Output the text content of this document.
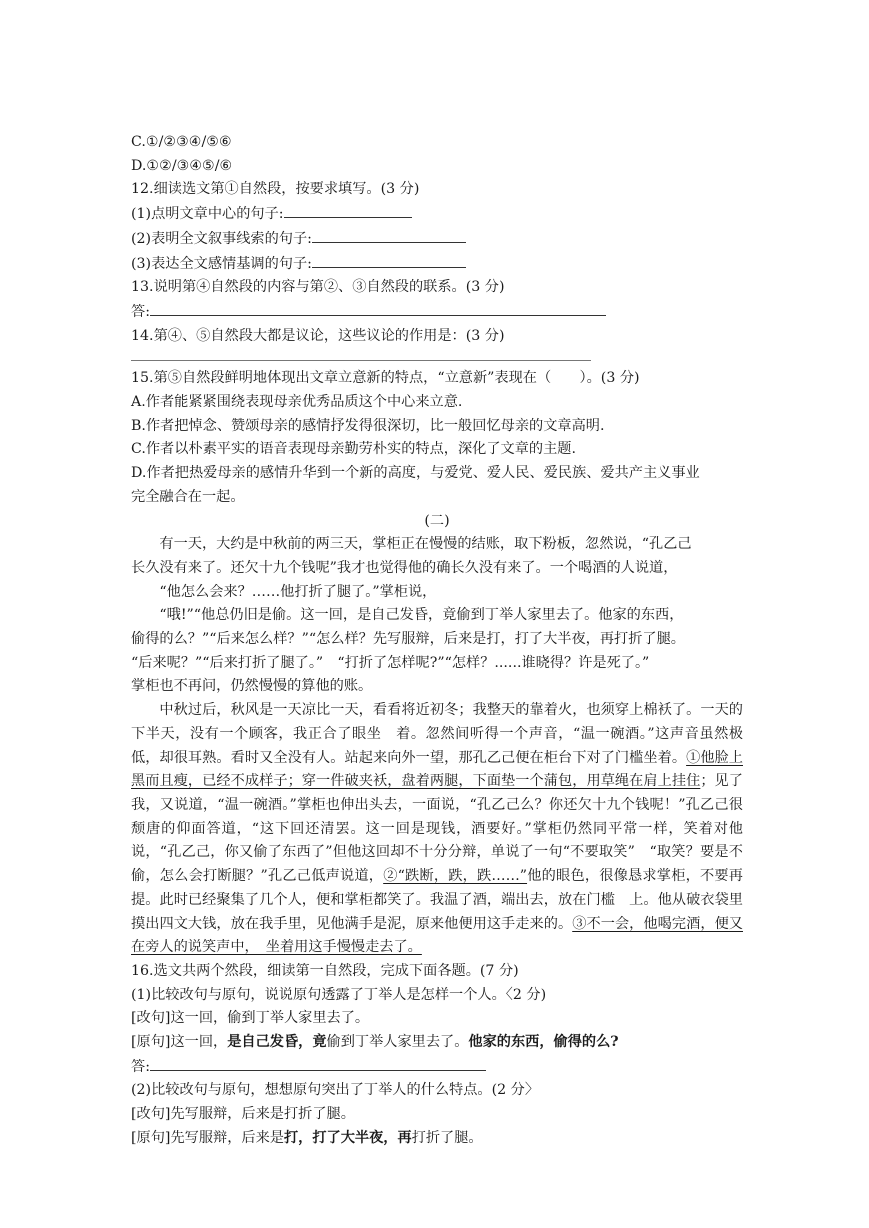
C.①/②③④/⑤⑥
D.①②/③④⑤/⑥
12.细读选文第①自然段，按要求填写。(3 分)
(1)点明文章中心的句子:
(2)表明全文叙事线索的句子:
(3)表达全文感情基调的句子:
13.说明第④自然段的内容与第②、③自然段的联系。(3 分)
答:
14.第④、⑤自然段大都是议论，这些议论的作用是：(3 分)
15.第⑤自然段鲜明地体现出文章立意新的特点，“立意新”表现在（　　）。(3 分)
A.作者能紧紧围绕表现母亲优秀品质这个中心来立意.
B.作者把悼念、赞颂母亲的感情抒发得很深切，比一般回忆母亲的文章高明.
C.作者以朴素平实的语音表现母亲勤劳朴实的特点，深化了文章的主题.
D.作者把热爱母亲的感情升华到一个新的高度，与爱党、爱人民、爱民族、爱共产主义事业
完全融合在一起。
(二)
有一天，大约是中秋前的两三天，掌柜正在慢慢的结账，取下粉板，忽然说，“孔乙己
长久没有来了。还欠十九个钱呢”我才也觉得他的确长久没有来了。一个喝酒的人说道，
“他怎么会来？……他打折了腿了。”掌柜说，
“哦!”“他总仍旧是偷。这一回，是自己发昏，竟偷到丁举人家里去了。他家的东西，
偷得的么？”“后来怎么样？”“怎么样？先写服辩，后来是打，打了大半夜，再打折了腿。
“后来呢？”“后来打折了腿了。”　“打折了怎样呢?”“怎样？......谁晓得？许是死了。”
掌柜也不再问，仍然慢慢的算他的账。

中秋过后，秋风是一天凉比一天，看看将近初冬；我整天的靠着火，也须穿上棉袄了。一天的下半天，没有一个顾客，我正合了眼坐　着。忽然间听得一个声音，“温一碗酒。”这声音虽然极低，却很耳熟。看时又全没有人。站起来向外一望，那孔乙己便在柜台下对了门槛坐着。①他脸上黑而且瘦，已经不成样子；穿一件破夹袄，盘着两腿，下面垫一个蒲包，用草绳在肩上挂住；见了我，又说道，“温一碗酒。”掌柜也伸出头去，一面说，“孔乙己么？你还欠十九个钱呢！”孔乙己很颓唐的仰面答道，“这下回还清罢。这一回是现钱，酒要好。”掌柜仍然同平常一样，笑着对他说，“孔乙己，你又偷了东西了”但他这回却不十分分辩，单说了一句“不要取笑”　“取笑？要是不偷，怎么会打断腿？”孔乙己低声说道，②“跌断，跌，跌……”他的眼色，很像恳求掌柜，不要再提。此时已经聚集了几个人，便和掌柜都笑了。我温了酒，端出去，放在门槛　上。他从破衣袋里摸出四文大钱，放在我手里，见他满手是泥，原来他便用这手走来的。③不一会，他喝完酒，便又在旁人的说笑声中，　坐着用这手慢慢走去了。

16.选文共两个然段，细读第一自然段，完成下面各题。(7 分)
(1)比较改句与原句，说说原句透露了丁举人是怎样一个人。〈2 分)
[改句]这一回，偷到丁举人家里去了。
[原句]这一回，是自己发昏，竟偷到丁举人家里去了。他家的东西，偷得的么?
答:
(2)比较改句与原句，想想原句突出了丁举人的什么特点。(2 分〉
[改句]先写服辩，后来是打折了腿。
[原句]先写服辩，后来是打，打了大半夜，再打折了腿。
